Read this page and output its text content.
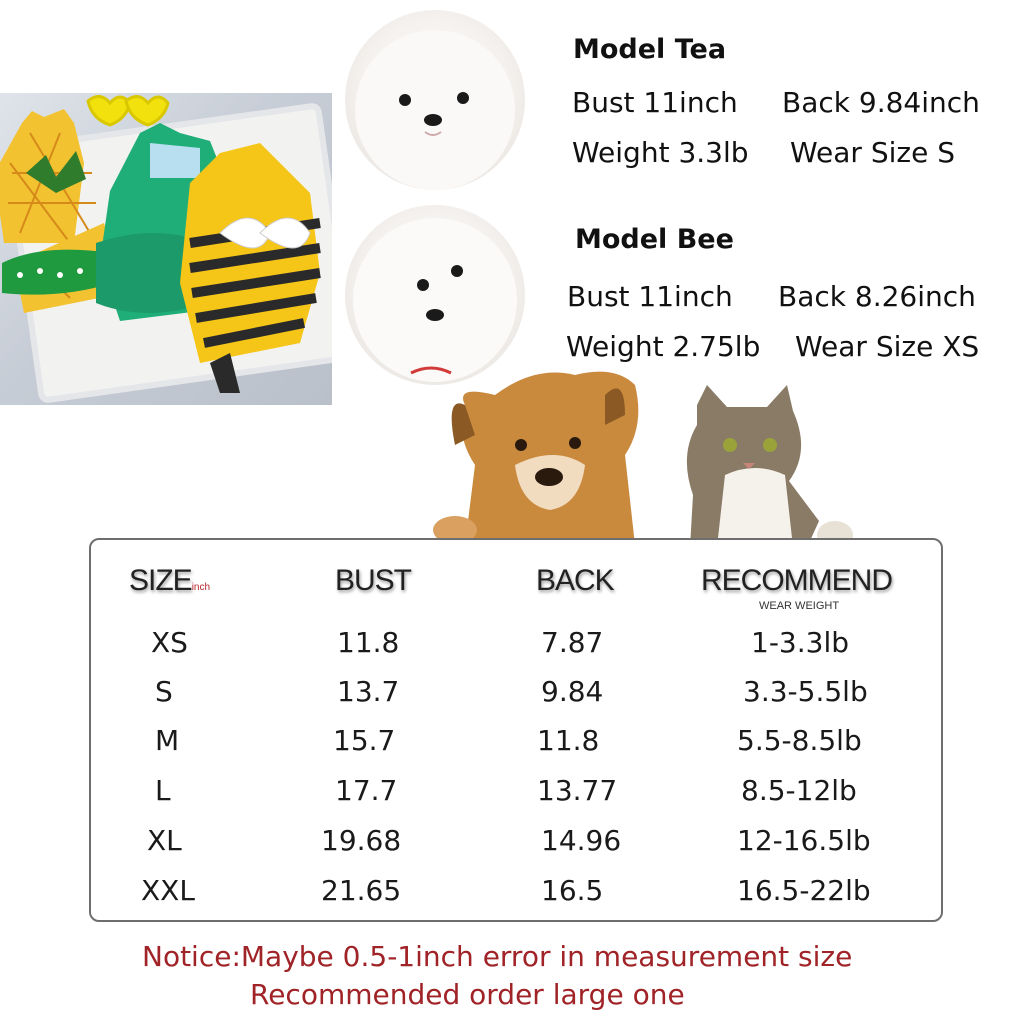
Model Tea
Bust 11inch Back 9.84inch
Weight 3.3lb Wear Size S
Model Bee
Bust 11inch Back 8.26inch
Weight 2.75lb Wear Size XS
SIZEinch	BUST	BACK	RECOMMEND
WEAR WEIGHT
XS	11.8	7.87	1-3.3lb
S	13.7	9.84	3.3-5.5lb
M	15.7	11.8	5.5-8.5lb
L	17.7	13.77	8.5-12lb
XL	19.68	14.96	12-16.5lb
XXL	21.65	16.5	16.5-22lb
Notice:Maybe 0.5-1inch error in measurement size
Recommended order large one
